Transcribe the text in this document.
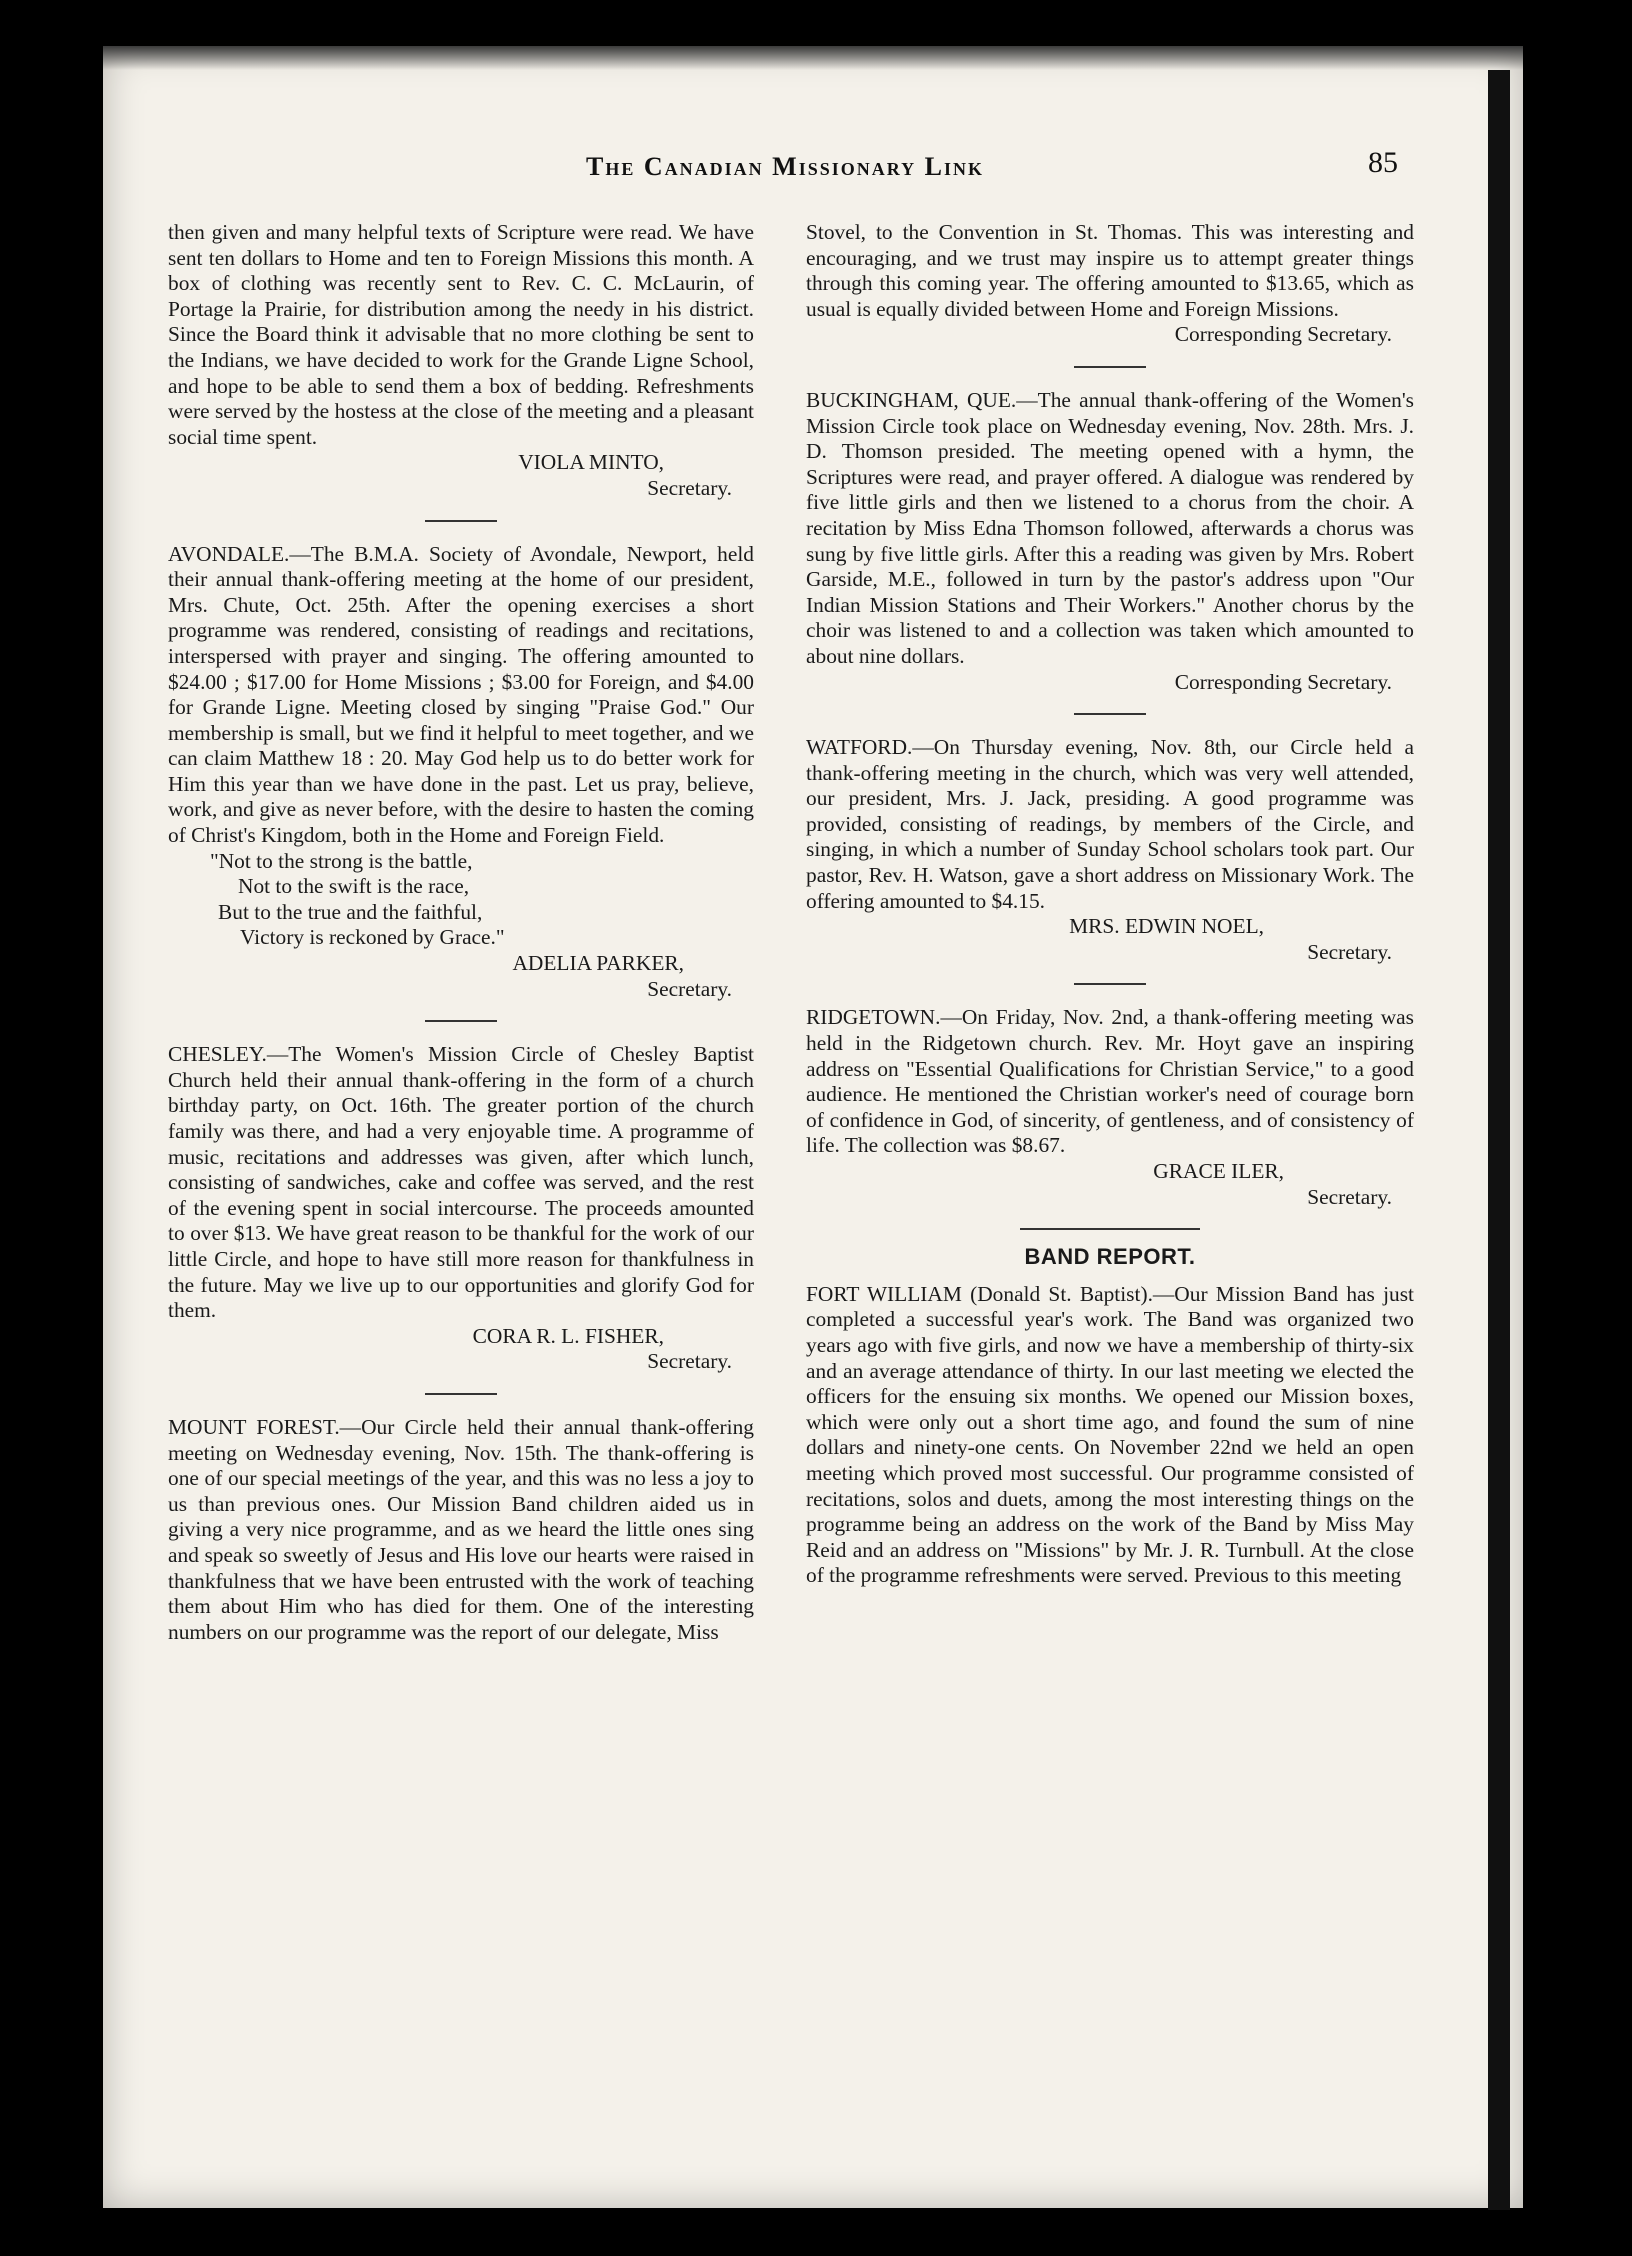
The Canadian Missionary Link	85

then given and many helpful texts of Scripture were read. We have sent ten dollars to Home and ten to Foreign Missions this month. A box of clothing was recently sent to Rev. C. C. McLaurin, of Portage la Prairie, for distribution among the needy in his district. Since the Board think it advisable that no more clothing be sent to the Indians, we have decided to work for the Grande Ligne School, and hope to be able to send them a box of bedding. Refreshments were served by the hostess at the close of the meeting and a pleasant social time spent.

VIOLA MINTO,

Secretary.

AVONDALE.—The B.M.A. Society of Avondale, Newport, held their annual thank-offering meeting at the home of our president, Mrs. Chute, Oct. 25th. After the opening exercises a short programme was rendered, consisting of readings and recitations, interspersed with prayer and singing. The offering amounted to $24.00 ; $17.00 for Home Missions ; $3.00 for Foreign, and $4.00 for Grande Ligne. Meeting closed by singing "Praise God." Our membership is small, but we find it helpful to meet together, and we can claim Matthew 18 : 20. May God help us to do better work for Him this year than we have done in the past. Let us pray, believe, work, and give as never before, with the desire to hasten the coming of Christ's Kingdom, both in the Home and Foreign Field.

"Not to the strong is the battle,

Not to the swift is the race,

But to the true and the faithful,

Victory is reckoned by Grace."

ADELIA PARKER,

Secretary.

CHESLEY.—The Women's Mission Circle of Chesley Baptist Church held their annual thank-offering in the form of a church birthday party, on Oct. 16th. The greater portion of the church family was there, and had a very enjoyable time. A programme of music, recitations and addresses was given, after which lunch, consisting of sandwiches, cake and coffee was served, and the rest of the evening spent in social intercourse. The proceeds amounted to over $13. We have great reason to be thankful for the work of our little Circle, and hope to have still more reason for thankfulness in the future. May we live up to our opportunities and glorify God for them.

CORA R. L. FISHER,

Secretary.

MOUNT FOREST.—Our Circle held their annual thank-offering meeting on Wednesday evening, Nov. 15th. The thank-offering is one of our special meetings of the year, and this was no less a joy to us than previous ones. Our Mission Band children aided us in giving a very nice programme, and as we heard the little ones sing and speak so sweetly of Jesus and His love our hearts were raised in thankfulness that we have been entrusted with the work of teaching them about Him who has died for them. One of the interesting numbers on our programme was the report of our delegate, Miss

Stovel, to the Convention in St. Thomas. This was interesting and encouraging, and we trust may inspire us to attempt greater things through this coming year. The offering amounted to $13.65, which as usual is equally divided between Home and Foreign Missions.

Corresponding Secretary.

BUCKINGHAM, QUE.—The annual thank-offering of the Women's Mission Circle took place on Wednesday evening, Nov. 28th. Mrs. J. D. Thomson presided. The meeting opened with a hymn, the Scriptures were read, and prayer offered. A dialogue was rendered by five little girls and then we listened to a chorus from the choir. A recitation by Miss Edna Thomson followed, afterwards a chorus was sung by five little girls. After this a reading was given by Mrs. Robert Garside, M.E., followed in turn by the pastor's address upon "Our Indian Mission Stations and Their Workers." Another chorus by the choir was listened to and a collection was taken which amounted to about nine dollars.

Corresponding Secretary.

WATFORD.—On Thursday evening, Nov. 8th, our Circle held a thank-offering meeting in the church, which was very well attended, our president, Mrs. J. Jack, presiding. A good programme was provided, consisting of readings, by members of the Circle, and singing, in which a number of Sunday School scholars took part. Our pastor, Rev. H. Watson, gave a short address on Missionary Work. The offering amounted to $4.15.

MRS. EDWIN NOEL,

Secretary.

RIDGETOWN.—On Friday, Nov. 2nd, a thank-offering meeting was held in the Ridgetown church. Rev. Mr. Hoyt gave an inspiring address on "Essential Qualifications for Christian Service," to a good audience. He mentioned the Christian worker's need of courage born of confidence in God, of sincerity, of gentleness, and of consistency of life. The collection was $8.67.

GRACE ILER,

Secretary.

BAND REPORT.

FORT WILLIAM (Donald St. Baptist).—Our Mission Band has just completed a successful year's work. The Band was organized two years ago with five girls, and now we have a membership of thirty-six and an average attendance of thirty. In our last meeting we elected the officers for the ensuing six months. We opened our Mission boxes, which were only out a short time ago, and found the sum of nine dollars and ninety-one cents. On November 22nd we held an open meeting which proved most successful. Our programme consisted of recitations, solos and duets, among the most interesting things on the programme being an address on the work of the Band by Miss May Reid and an address on "Missions" by Mr. J. R. Turnbull. At the close of the programme refreshments were served. Previous to this meeting
